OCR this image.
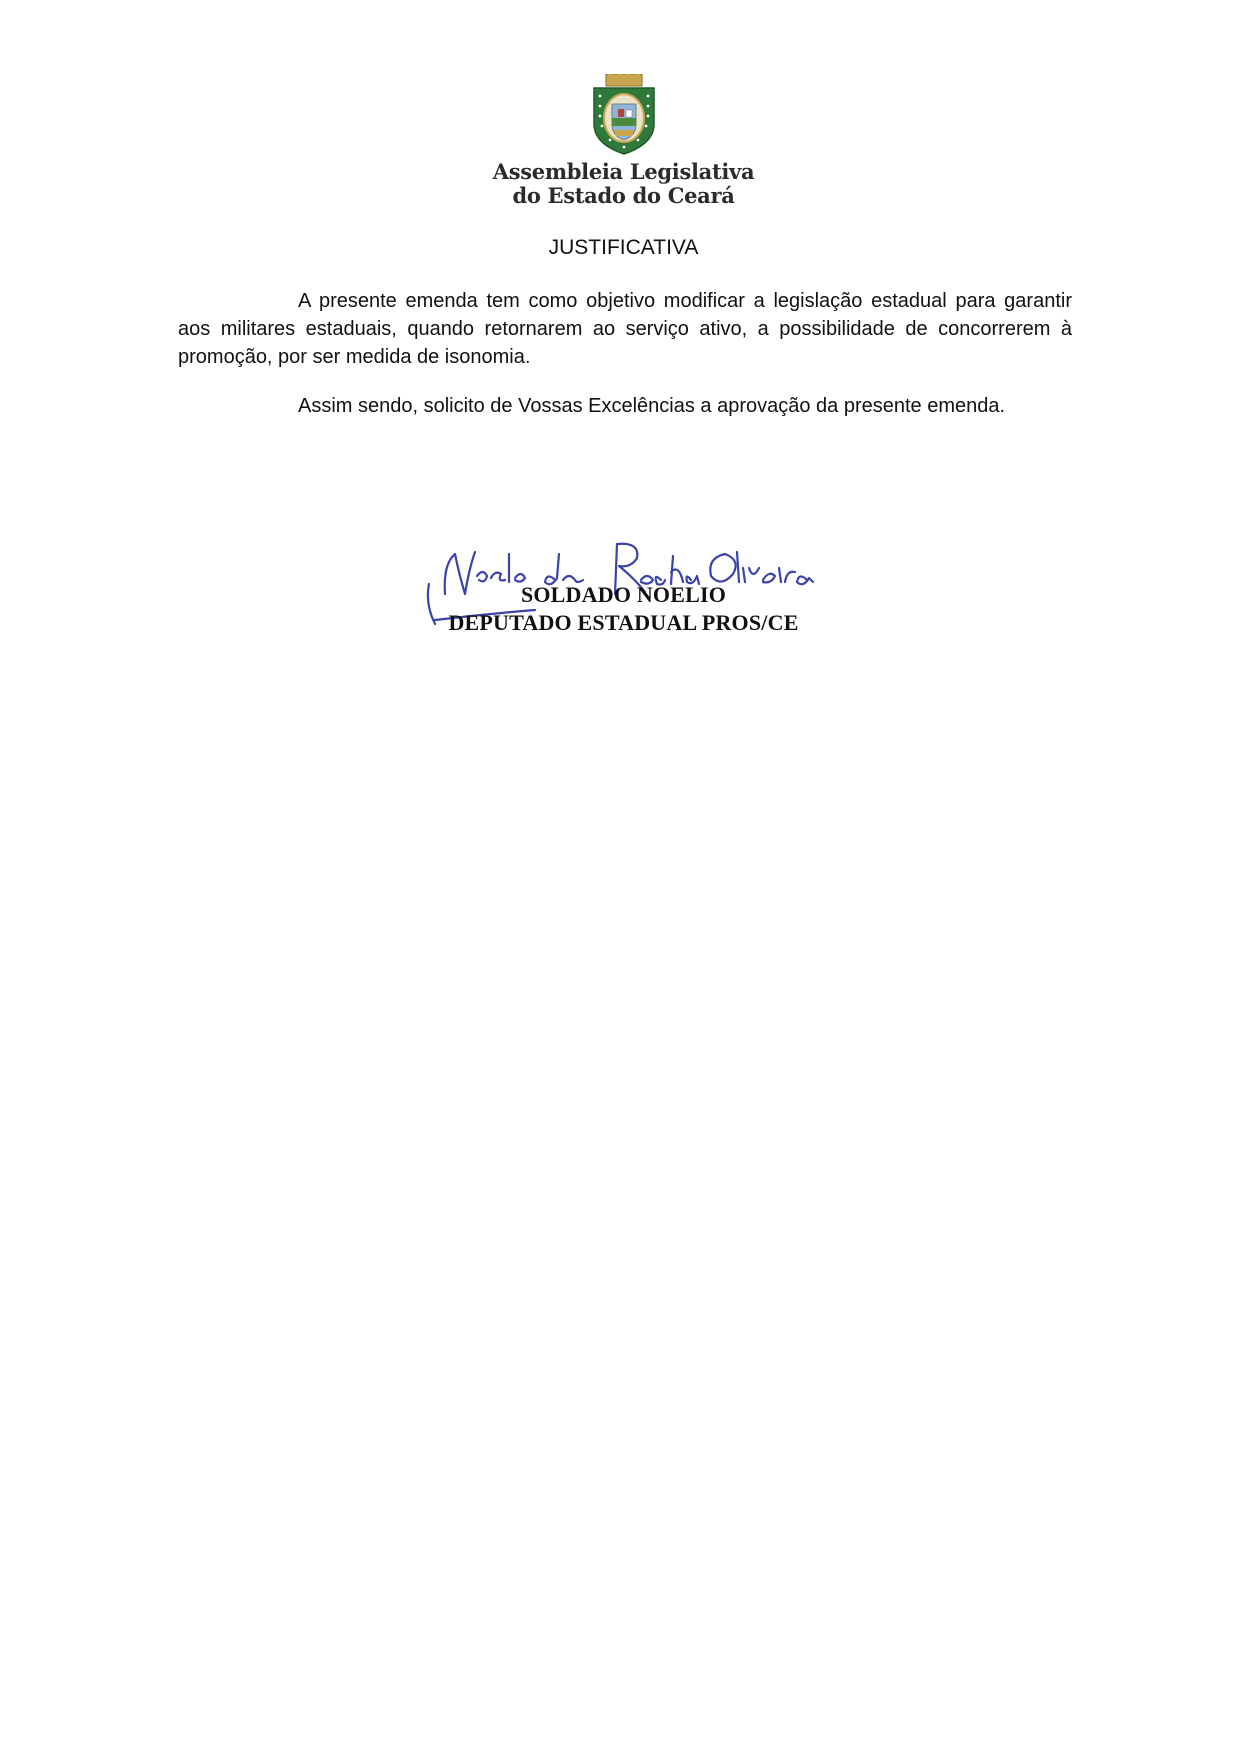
Assembleia Legislativa
do Estado do Ceará
JUSTIFICATIVA

A presente emenda tem como objetivo modificar a legislação estadual para garantir aos militares estaduais, quando retornarem ao serviço ativo, a possibilidade de concorrerem à promoção, por ser medida de isonomia.

Assim sendo, solicito de Vossas Excelências a aprovação da presente emenda.

SOLDADO NOELIO
DEPUTADO ESTADUAL PROS/CE
